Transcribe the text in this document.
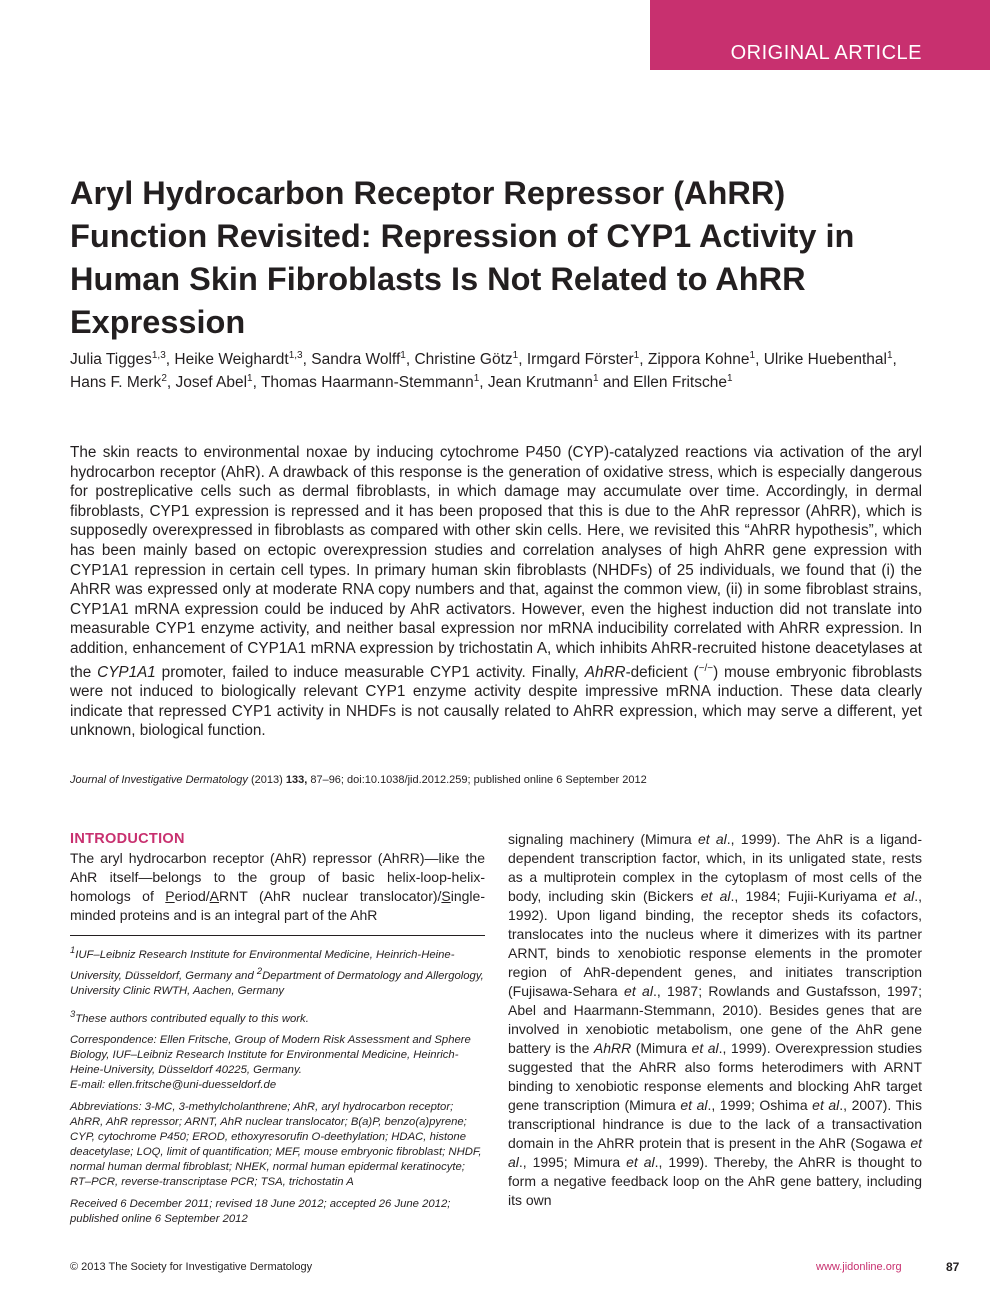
ORIGINAL ARTICLE
Aryl Hydrocarbon Receptor Repressor (AhRR) Function Revisited: Repression of CYP1 Activity in Human Skin Fibroblasts Is Not Related to AhRR Expression
Julia Tigges$^{1,3}$, Heike Weighardt$^{1,3}$, Sandra Wolff$^1$, Christine Götz$^1$, Irmgard Förster$^1$, Zippora Kohne$^1$, Ulrike Huebenthal$^1$, Hans F. Merk$^2$, Josef Abel$^1$, Thomas Haarmann-Stemmann$^1$, Jean Krutmann$^1$ and Ellen Fritsche$^1$

The skin reacts to environmental noxae by inducing cytochrome P450 (CYP)-catalyzed reactions via activation of the aryl hydrocarbon receptor (AhR). A drawback of this response is the generation of oxidative stress, which is especially dangerous for postreplicative cells such as dermal fibroblasts, in which damage may accumulate over time. Accordingly, in dermal fibroblasts, CYP1 expression is repressed and it has been proposed that this is due to the AhR repressor (AhRR), which is supposedly overexpressed in fibroblasts as compared with other skin cells. Here, we revisited this “AhRR hypothesis”, which has been mainly based on ectopic overexpression studies and correlation analyses of high AhRR gene expression with CYP1A1 repression in certain cell types. In primary human skin fibroblasts (NHDFs) of 25 individuals, we found that (i) the AhRR was expressed only at moderate RNA copy numbers and that, against the common view, (ii) in some fibroblast strains, CYP1A1 mRNA expression could be induced by AhR activators. However, even the highest induction did not translate into measurable CYP1 enzyme activity, and neither basal expression nor mRNA inducibility correlated with AhRR expression. In addition, enhancement of CYP1A1 mRNA expression by trichostatin A, which inhibits AhRR-recruited histone deacetylases at the CYP1A1 promoter, failed to induce measurable CYP1 activity. Finally, AhRR-deficient (−/−) mouse embryonic fibroblasts were not induced to biologically relevant CYP1 enzyme activity despite impressive mRNA induction. These data clearly indicate that repressed CYP1 activity in NHDFs is not causally related to AhRR expression, which may serve a different, yet unknown, biological function.

Journal of Investigative Dermatology (2013) 133, 87–96; doi:10.1038/jid.2012.259; published online 6 September 2012
INTRODUCTION

The aryl hydrocarbon receptor (AhR) repressor (AhRR)—like the AhR itself—belongs to the group of basic helix-loop-helix-homologs of Period/ARNT (AhR nuclear translocator)/Single-minded proteins and is an integral part of the AhR

$^1$IUF–Leibniz Research Institute for Environmental Medicine, Heinrich-Heine-University, Düsseldorf, Germany and $^2$Department of Dermatology and Allergology, University Clinic RWTH, Aachen, Germany

$^3$These authors contributed equally to this work.

Correspondence: Ellen Fritsche, Group of Modern Risk Assessment and Sphere Biology, IUF–Leibniz Research Institute for Environmental Medicine, Heinrich-Heine-University, Düsseldorf 40225, Germany.
E-mail: ellen.fritsche@uni-duesseldorf.de

Abbreviations: 3-MC, 3-methylcholanthrene; AhR, aryl hydrocarbon receptor; AhRR, AhR repressor; ARNT, AhR nuclear translocator; B(a)P, benzo(a)pyrene; CYP, cytochrome P450; EROD, ethoxyresorufin O-deethylation; HDAC, histone deacetylase; LOQ, limit of quantification; MEF, mouse embryonic fibroblast; NHDF, normal human dermal fibroblast; NHEK, normal human epidermal keratinocyte; RT–PCR, reverse-transcriptase PCR; TSA, trichostatin A

Received 6 December 2011; revised 18 June 2012; accepted 26 June 2012; published online 6 September 2012

signaling machinery (Mimura et al., 1999). The AhR is a ligand-dependent transcription factor, which, in its unligated state, rests as a multiprotein complex in the cytoplasm of most cells of the body, including skin (Bickers et al., 1984; Fujii-Kuriyama et al., 1992). Upon ligand binding, the receptor sheds its cofactors, translocates into the nucleus where it dimerizes with its partner ARNT, binds to xenobiotic response elements in the promoter region of AhR-dependent genes, and initiates transcription (Fujisawa-Sehara et al., 1987; Rowlands and Gustafsson, 1997; Abel and Haarmann-Stemmann, 2010). Besides genes that are involved in xenobiotic metabolism, one gene of the AhR gene battery is the AhRR (Mimura et al., 1999). Overexpression studies suggested that the AhRR also forms heterodimers with ARNT binding to xenobiotic response elements and blocking AhR target gene transcription (Mimura et al., 1999; Oshima et al., 2007). This transcriptional hindrance is due to the lack of a transactivation domain in the AhRR protein that is present in the AhR (Sogawa et al., 1995; Mimura et al., 1999). Thereby, the AhRR is thought to form a negative feedback loop on the AhR gene battery, including its own

© 2013 The Society for Investigative Dermatology	www.jidonline.org	87
